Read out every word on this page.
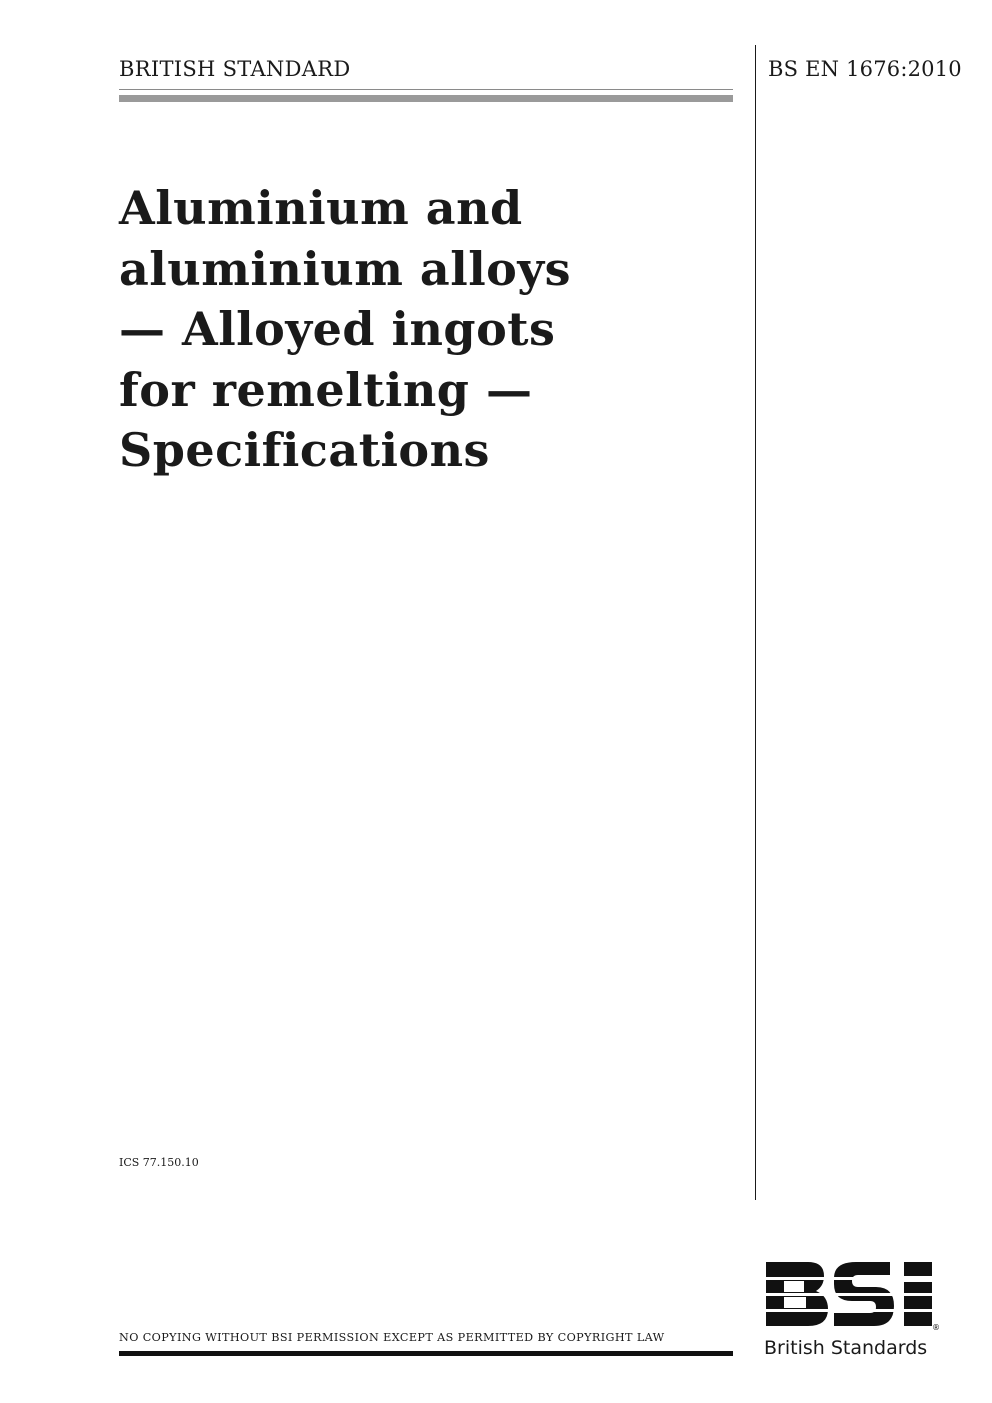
BRITISH STANDARD	BS EN 1676:2010
Aluminium and
aluminium alloys
— Alloyed ingots
for remelting —
Specifications
ICS 77.150.10
NO COPYING WITHOUT BSI PERMISSION EXCEPT AS PERMITTED BY COPYRIGHT LAW
®
British Standards
